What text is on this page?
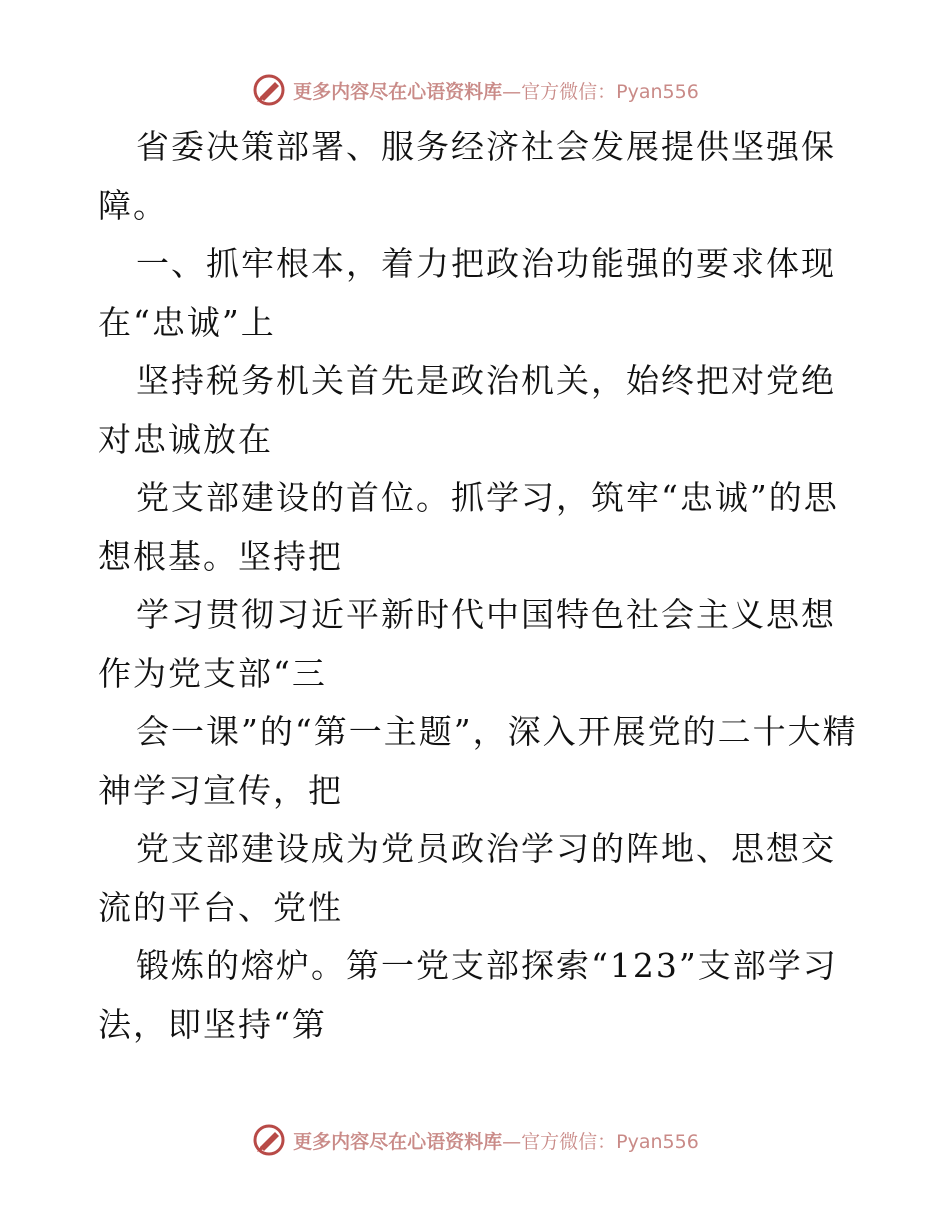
更多内容尽在心语资料库—官方微信：Pyan556

省委决策部署、服务经济社会发展提供坚强保障。

一、抓牢根本，着力把政治功能强的要求体现在“忠诚”上

坚持税务机关首先是政治机关，始终把对党绝对忠诚放在

党支部建设的首位。抓学习，筑牢“忠诚”的思想根基。坚持把

学习贯彻习近平新时代中国特色社会主义思想作为党支部“三

会一课”的“第一主题”，深入开展党的二十大精神学习宣传，把

党支部建设成为党员政治学习的阵地、思想交流的平台、党性

锻炼的熔炉。第一党支部探索“123”支部学习法，即坚持“第

更多内容尽在心语资料库—官方微信：Pyan556
